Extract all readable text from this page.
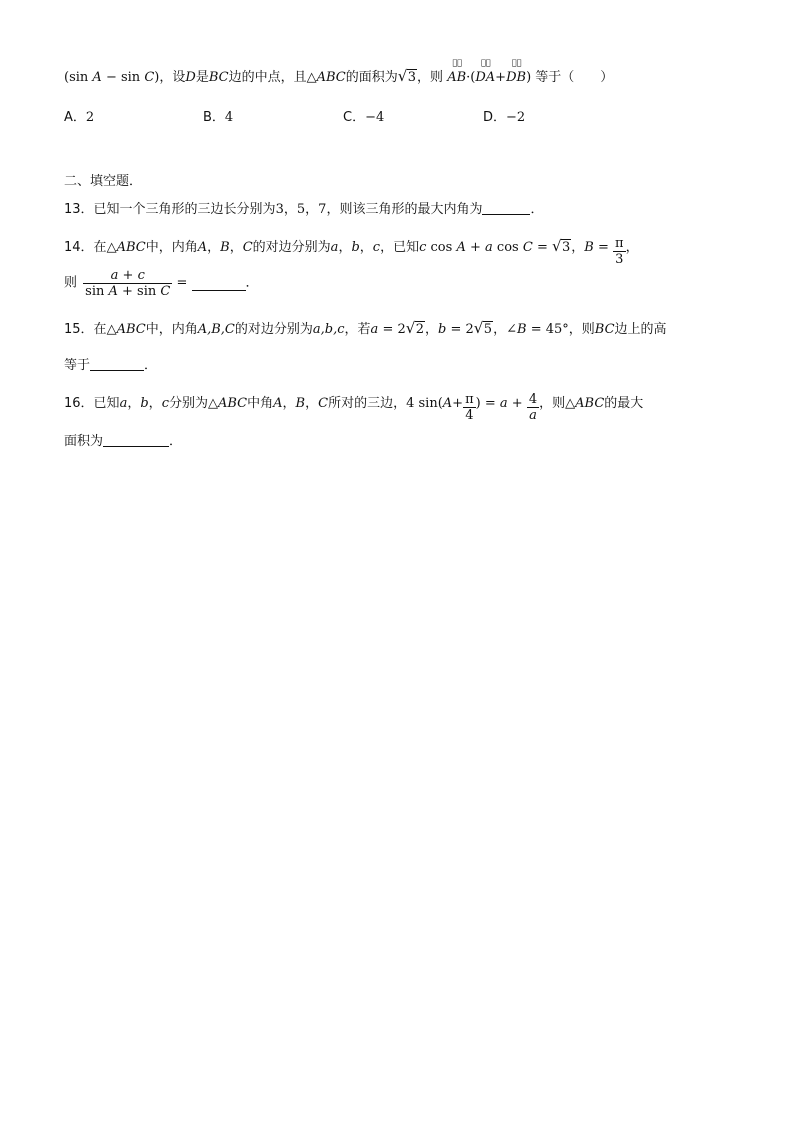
(sin A − sin C)，设D是BC边的中点，且△ABC的面积为 √ 3，则
ꟷ⃗
AB·(
ꟷ⃗
DA+
ꟷ⃗
DB) 等于（　　）
A．2	B．4	C．−4	D．−2
二、填空题．
13．已知一个三角形的三边长分别为3，5，7，则该三角形的最大内角为	．
14．在△ABC中，内角A，B，C的对边分别为a，b，c，已知c cos A + a cos C = √ 3，$B = \frac{\pi}{3}$ ，
则 $\frac{a + c}{\text{sin A + sin C}}$ =	．
15．在△ABC中，内角A,B,C的对边分别为a,b,c，若a = 2 √ 2，b = 2 √ 5，∠B = 45°，则BC边上的高
等于	．
16．已知a，b，c分别为△ABC中角A，B，C所对的三边，4 $\sin(A+ \frac{\pi}{4}$ ) = $a + \frac{4}{a}$ ，则△ABC的最大
面积为	．
